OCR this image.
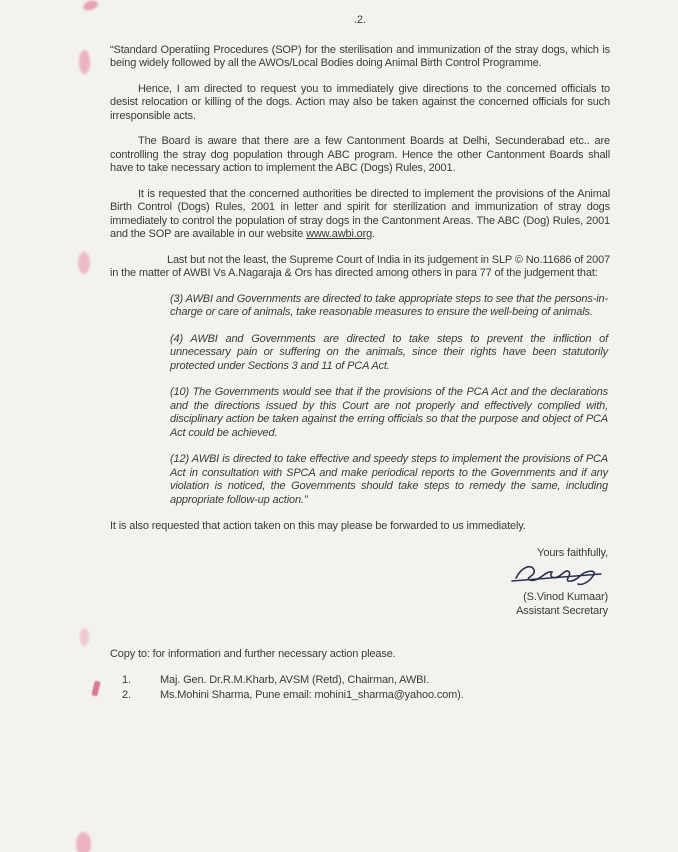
.2.

“Standard Operatiing Procedures (SOP) for the sterilisation and immunization of the stray dogs, which is being widely followed by all the AWOs/Local Bodies doing Animal Birth Control Programme.

Hence, I am directed to request you to immediately give directions to the concerned officials to desist relocation or killing of the dogs. Action may also be taken against the concerned officials for such irresponsible acts.

The Board is aware that there are a few Cantonment Boards at Delhi, Secunderabad etc.. are controlling the stray dog population through ABC program. Hence the other Cantonment Boards shall have to take necessary action to implement the ABC (Dogs) Rules, 2001.

It is requested that the concerned authorities be directed to implement the provisions of the Animal Birth Control (Dogs) Rules, 2001 in letter and spirit for sterilization and immunization of stray dogs immediately to control the population of stray dogs in the Cantonment Areas. The ABC (Dog) Rules, 2001 and the SOP are available in our website www.awbi.org.

Last but not the least, the Supreme Court of India in its judgement in SLP © No.11686 of 2007 in the matter of AWBI Vs A.Nagaraja & Ors has directed among others in para 77 of the judgement that:

(3) AWBI and Governments are directed to take appropriate steps to see that the persons-in-charge or care of animals, take reasonable measures to ensure the well-being of animals.

(4) AWBI and Governments are directed to take steps to prevent the infliction of unnecessary pain or suffering on the animals, since their rights have been statutorily protected under Sections 3 and 11 of PCA Act.

(10) The Governments would see that if the provisions of the PCA Act and the declarations and the directions issued by this Court are not properly and effectively complied with, disciplinary action be taken against the erring officials so that the purpose and object of PCA Act could be achieved.

(12) AWBI is directed to take effective and speedy steps to implement the provisions of PCA Act in consultation with SPCA and make periodical reports to the Governments and if any violation is noticed, the Governments should take steps to remedy the same, including appropriate follow-up action.”

It is also requested that action taken on this may please be forwarded to us immediately.

Yours faithfully,
(S.Vinod Kumaar)
Assistant Secretary
Copy to: for information and further necessary action please.
1.	Maj. Gen. Dr.R.M.Kharb, AVSM (Retd), Chairman, AWBI.
2.	Ms.Mohini Sharma, Pune email: mohini1_sharma@yahoo.com).
